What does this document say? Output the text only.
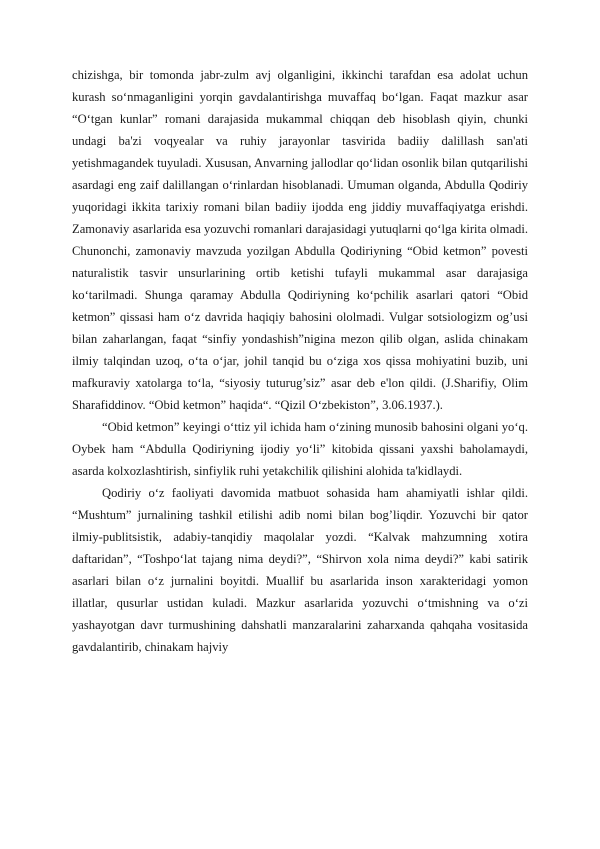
chizishga, bir tomonda jabr-zulm avj olganligini, ikkinchi tarafdan esa adolat uchun kurash so‘nmaganligini yorqin gavdalantirishga muvaffaq bo‘lgan. Faqat mazkur asar “O‘tgan kunlar” romani darajasida mukammal chiqqan deb hisoblash qiyin, chunki undagi ba'zi voqyealar va ruhiy jarayonlar tasvirida badiiy dalillash san'ati yetishmagandek tuyuladi. Xususan, Anvarning jallodlar qo‘lidan osonlik bilan qutqarilishi asardagi eng zaif dalillangan o‘rinlardan hisoblanadi. Umuman olganda, Abdulla Qodiriy yuqoridagi ikkita tarixiy romani bilan badiiy ijodda eng jiddiy muvaffaqiyatga erishdi. Zamonaviy asarlarida esa yozuvchi romanlari darajasidagi yutuqlarni qo‘lga kirita olmadi. Chunonchi, zamonaviy mavzuda yozilgan Abdulla Qodiriyning “Obid ketmon” povesti naturalistik tasvir unsurlarining ortib ketishi tufayli mukammal asar darajasiga ko‘tarilmadi. Shunga qaramay Abdulla Qodiriyning ko‘pchilik asarlari qatori “Obid ketmon” qissasi ham o‘z davrida haqiqiy bahosini ololmadi. Vulgar sotsiologizm og’usi bilan zaharlangan, faqat “sinfiy yondashish”nigina mezon qilib olgan, aslida chinakam ilmiy talqindan uzoq, o‘ta o‘jar, johil tanqid bu o‘ziga xos qissa mohiyatini buzib, uni mafkuraviy xatolarga to‘la, “siyosiy tuturug’siz” asar deb e'lon qildi. (J.Sharifiy, Olim Sharafiddinov. “Obid ketmon” haqida“. “Qizil O‘zbekiston”, 3.06.1937.).

“Obid ketmon” keyingi o‘ttiz yil ichida ham o‘zining munosib bahosini olgani yo‘q. Oybek ham “Abdulla Qodiriyning ijodiy yo‘li” kitobida qissani yaxshi baholamaydi, asarda kolxozlashtirish, sinfiylik ruhi yetakchilik qilishini alohida ta'kidlaydi.

Qodiriy o‘z faoliyati davomida matbuot sohasida ham ahamiyatli ishlar qildi. “Mushtum” jurnalining tashkil etilishi adib nomi bilan bog’liqdir. Yozuvchi bir qator ilmiy-publitsistik, adabiy-tanqidiy maqolalar yozdi. “Kalvak mahzumning xotira daftaridan”, “Toshpo‘lat tajang nima deydi?”, “Shirvon xola nima deydi?” kabi satirik asarlari bilan o‘z jurnalini boyitdi. Muallif bu asarlarida inson xarakteridagi yomon illatlar, qusurlar ustidan kuladi. Mazkur asarlarida yozuvchi o‘tmishning va o‘zi yashayotgan davr turmushining dahshatli manzaralarini zaharxanda qahqaha vositasida gavdalantirib, chinakam hajviy
